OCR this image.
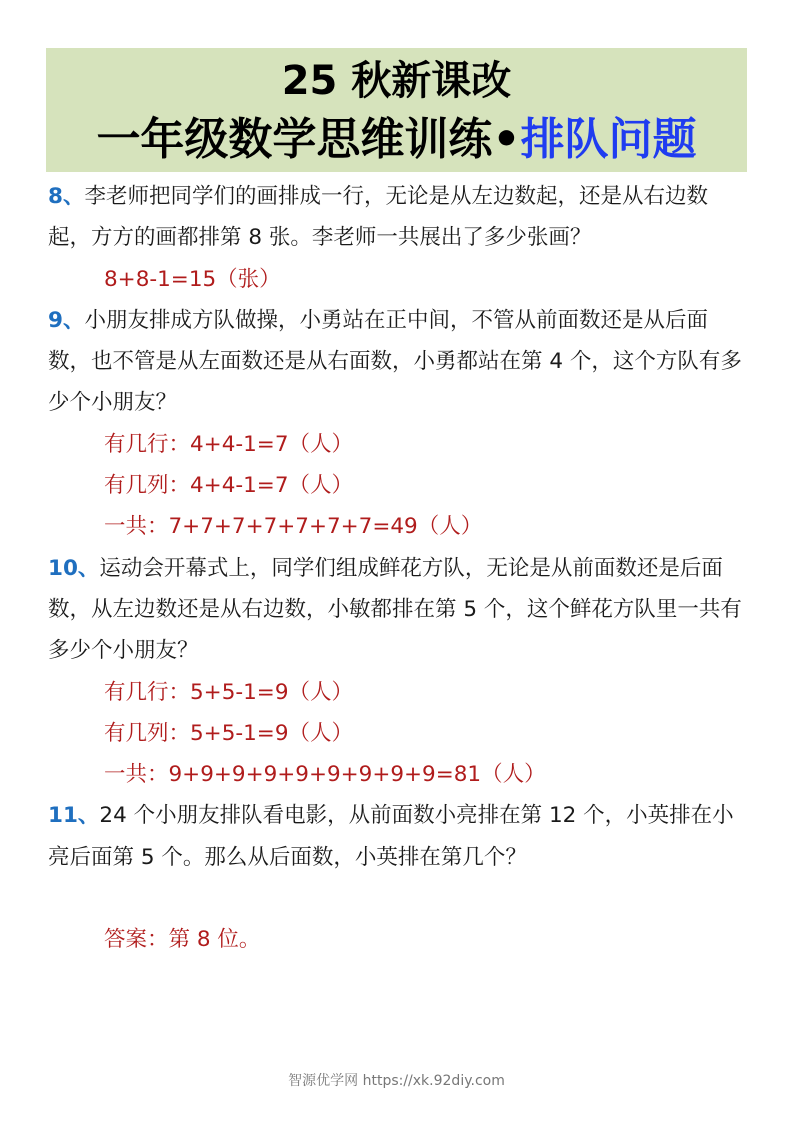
25 秋新课改
一年级数学思维训练•排队问题

8、李老师把同学们的画排成一行，无论是从左边数起，还是从右边数起，方方的画都排第 8 张。李老师一共展出了多少张画？

8+8-1=15（张）

9、小朋友排成方队做操，小勇站在正中间，不管从前面数还是从后面数，也不管是从左面数还是从右面数，小勇都站在第 4 个，这个方队有多少个小朋友？

有几行：4+4-1=7（人）
有几列：4+4-1=7（人）
一共：7+7+7+7+7+7+7=49（人）

10、运动会开幕式上，同学们组成鲜花方队，无论是从前面数还是后面数，从左边数还是从右边数，小敏都排在第 5 个，这个鲜花方队里一共有多少个小朋友？

有几行：5+5-1=9（人）
有几列：5+5-1=9（人）
一共：9+9+9+9+9+9+9+9+9=81（人）

11、24 个小朋友排队看电影，从前面数小亮排在第 12 个，小英排在小亮后面第 5 个。那么从后面数，小英排在第几个？

答案：第 8 位。
智源优学网 https://xk.92diy.com
